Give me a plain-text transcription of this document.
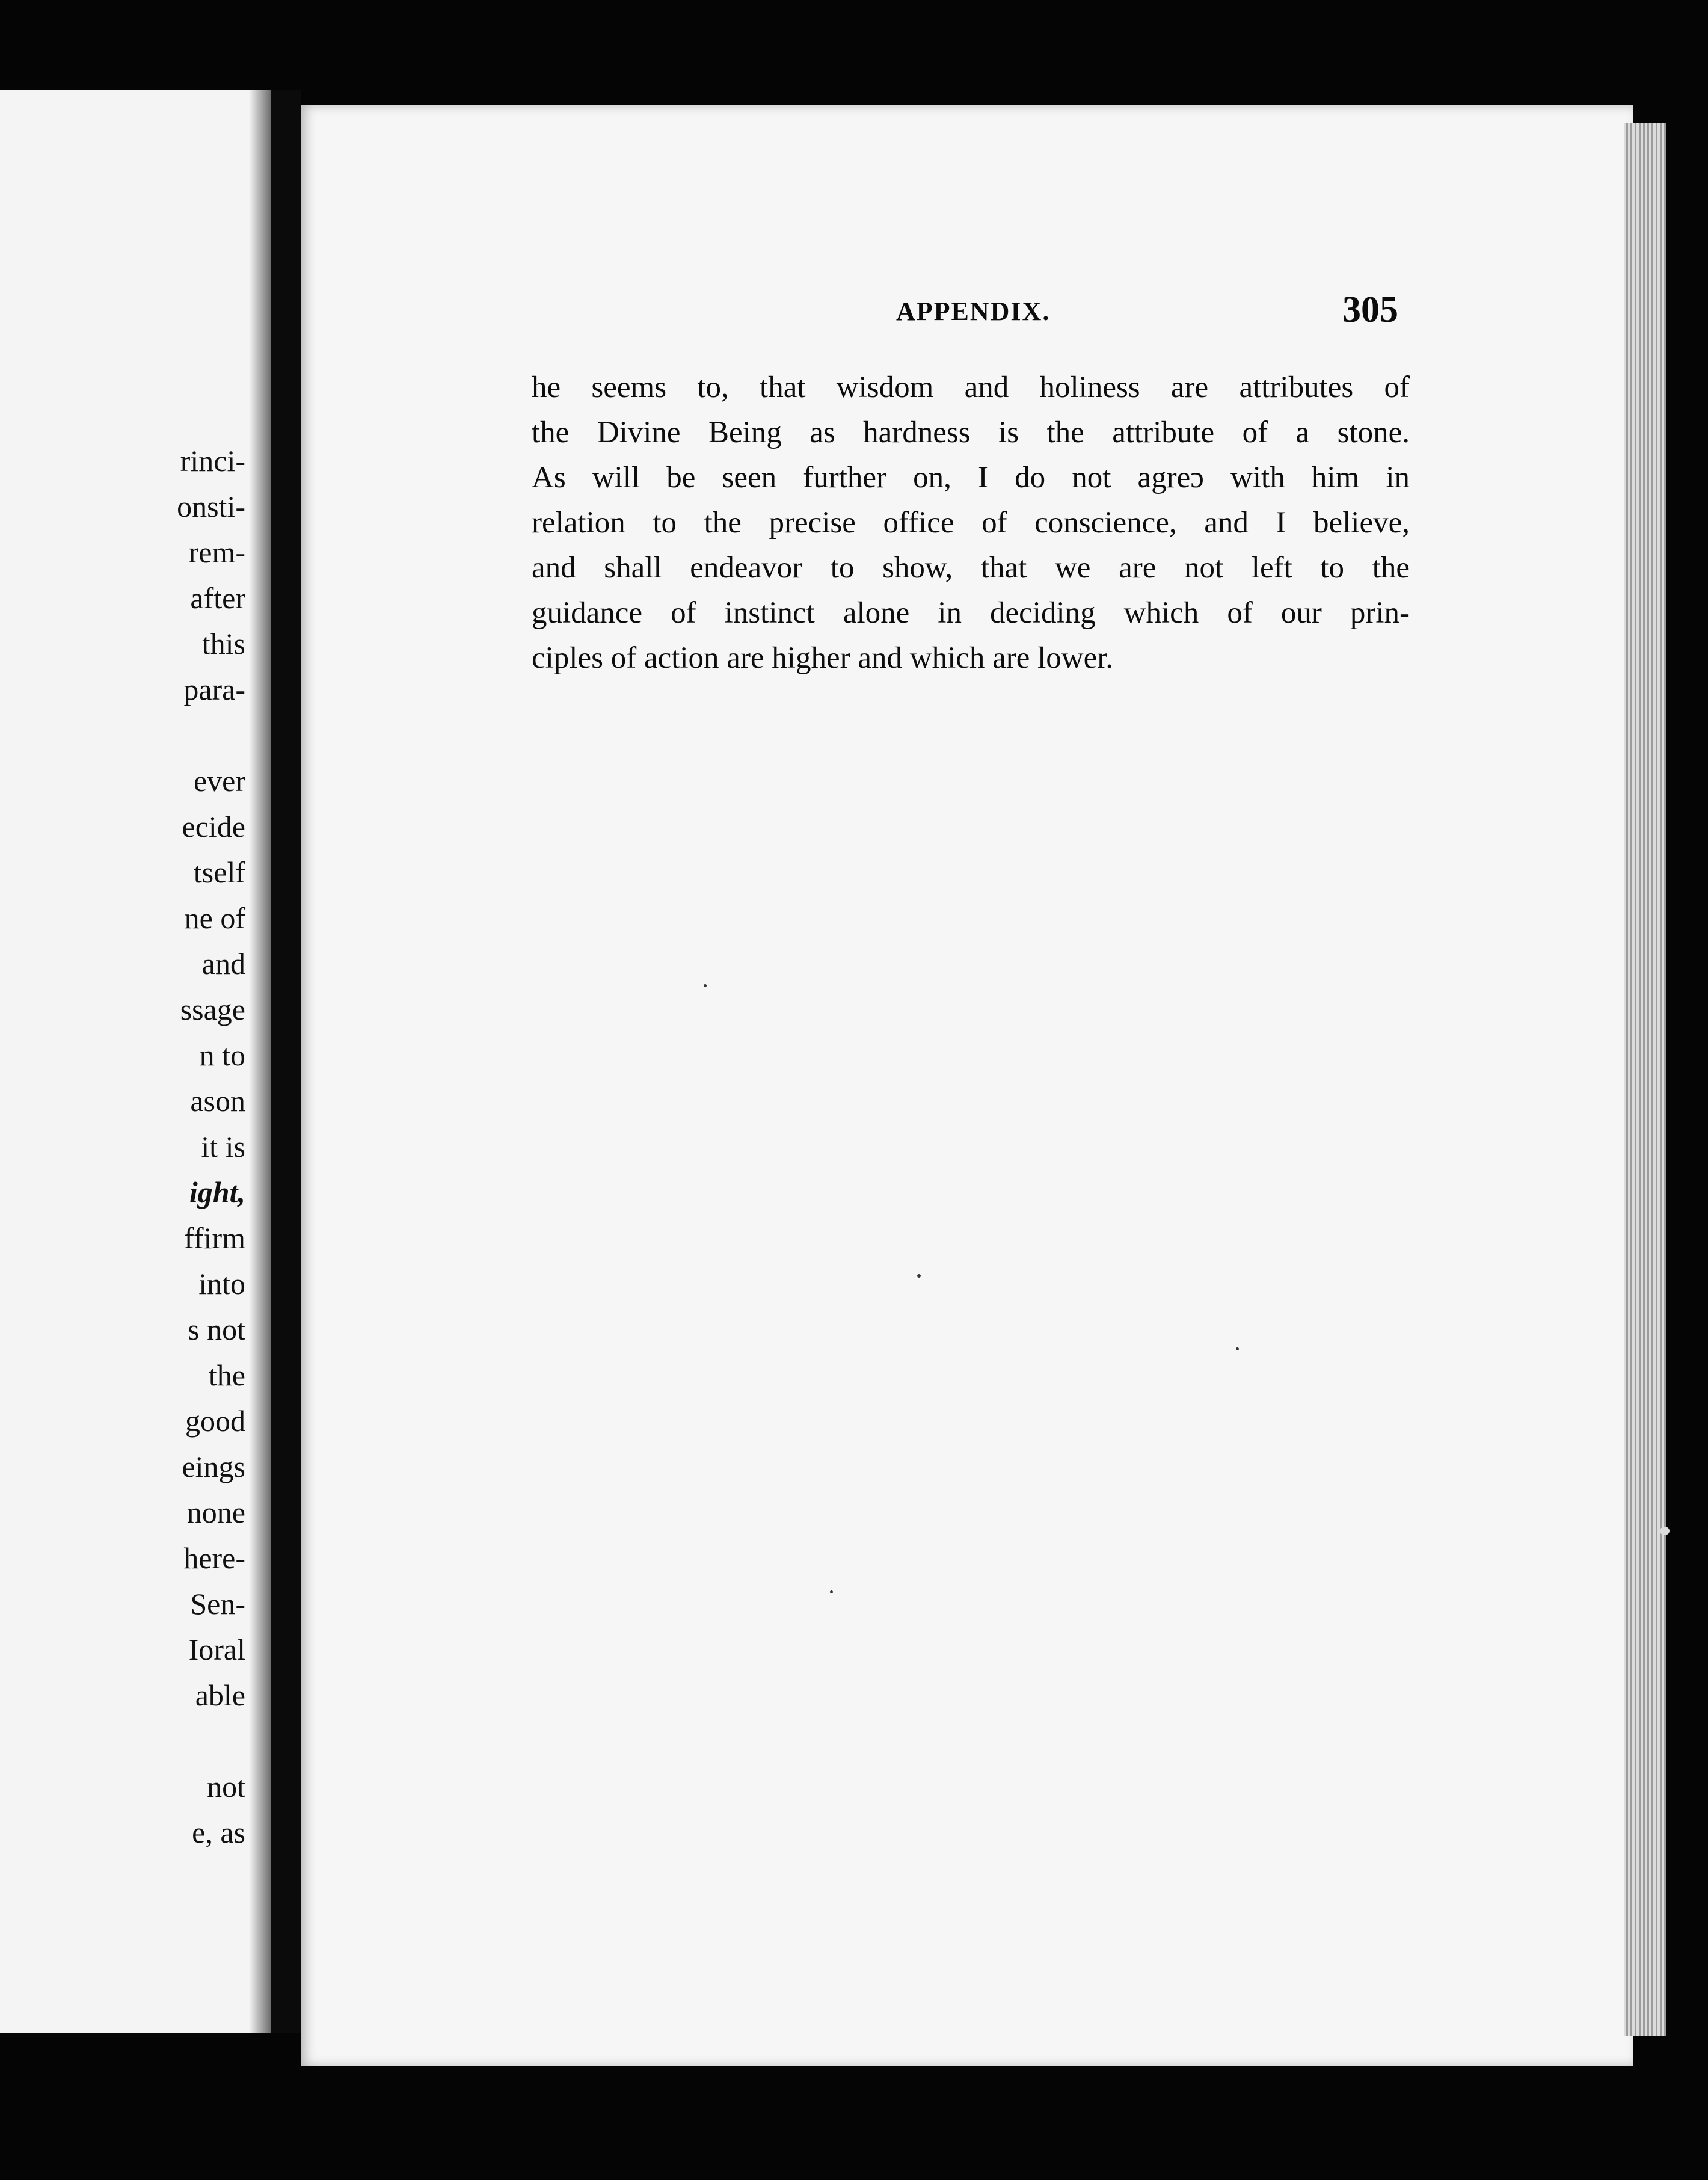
rinci-
onsti-
rem-
after
this
para-
ever
ecide
tself
ne of
and
ssage
n to
ason
it is
ight,
ffirm
into
s not
the
good
eings
none
here-
Sen-
Ioral
able
not
e, as
APPENDIX.	305
he seems to, that wisdom and holiness are attributes of
the Divine Being as hardness is the attribute of a stone.
As will be seen further on, I do not agreɔ with him in
relation to the precise office of conscience, and I believe,
and shall endeavor to show, that we are not left to the
guidance of instinct alone in deciding which of our prin-
ciples of action are higher and which are lower.
